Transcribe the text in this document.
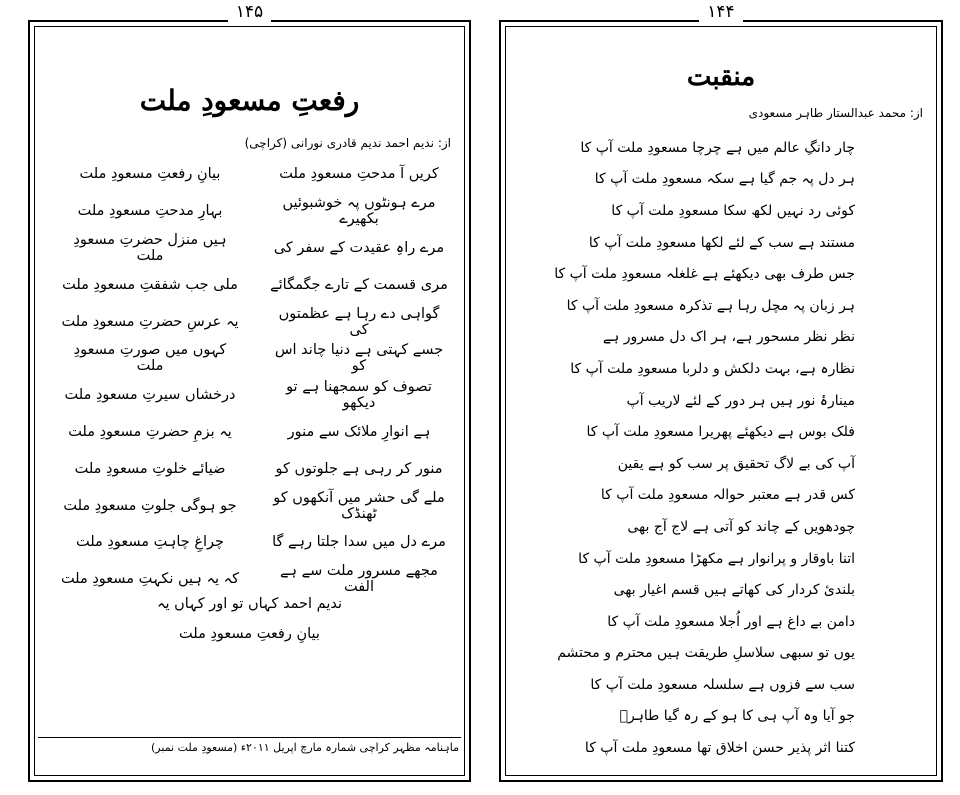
۱۴۵
رفعتِ مسعودِ ملت
از: ندیم احمد ندیم قادری نورانی (کراچی)
کریں آ مدحتِ مسعودِ ملت
بیانِ رفعتِ مسعودِ ملت
مرے ہونٹوں پہ خوشبوئیں بکھیرے
بہارِ مدحتِ مسعودِ ملت
مرے راہِ عقیدت کے سفر کی
ہیں منزل حضرتِ مسعودِ ملت
مری قسمت کے تارے جگمگائے
ملی جب شفقتِ مسعودِ ملت
گواہی دے رہا ہے عظمتوں کی
یہ عرسِ حضرتِ مسعودِ ملت
جسے کہتی ہے دنیا چاند اس کو
کہوں میں صورتِ مسعودِ ملت
تصوف کو سمجھنا ہے تو دیکھو
درخشاں سیرتِ مسعودِ ملت
ہے انوارِ ملائک سے منور
یہ بزمِ حضرتِ مسعودِ ملت
منور کر رہی ہے جلوتوں کو
ضیائے خلوتِ مسعودِ ملت
ملے گی حشر میں آنکھوں کو ٹھنڈک
جو ہوگی جلوتِ مسعودِ ملت
مرے دل میں سدا جلتا رہے گا
چراغِ چاہتِ مسعودِ ملت
مجھے مسرور ملت سے ہے الفت
کہ یہ ہیں نکہتِ مسعودِ ملت
ندیم احمد کہاں تو اور کہاں یہ
بیانِ رفعتِ مسعودِ ملت
ماہنامہ مظہر کراچی شمارہ مارچ اپریل ۲۰۱۱ء (مسعودِ ملت نمبر)
۱۴۴
منقبت
از: محمد عبدالستار طاہر مسعودی
چار دانگِ عالم میں ہے چرچا مسعودِ ملت آپ کا
ہر دل پہ جم گیا ہے سکہ مسعودِ ملت آپ کا
کوئی رد نہیں لکھ سکا مسعودِ ملت آپ کا
مستند ہے سب کے لئے لکھا مسعودِ ملت آپ کا
جس طرف بھی دیکھئے ہے غلغلہ مسعودِ ملت آپ کا
ہر زبان پہ مچل رہا ہے تذکرہ مسعودِ ملت آپ کا
نظر نظر مسحور ہے، ہر اک دل مسرور ہے
نظارہ ہے، بہت دلکش و دلربا مسعودِ ملت آپ کا
مینارۂ نور ہیں ہر دور کے لئے لاریب آپ
فلک بوس ہے دیکھئے پھریرا مسعودِ ملت آپ کا
آپ کی بے لاگ تحقیق پر سب کو ہے یقین
کس قدر ہے معتبر حوالہ مسعودِ ملت آپ کا
چودھویں کے چاند کو آتی ہے لاج آج بھی
اتنا باوقار و پرانوار ہے مکھڑا مسعودِ ملت آپ کا
بلندیٔ کردار کی کھاتے ہیں قسم اغیار بھی
دامن بے داغ ہے اور اُجلا مسعودِ ملت آپ کا
یوں تو سبھی سلاسلِ طریقت ہیں محترم و محتشم
سب سے فزوں ہے سلسلہ مسعودِ ملت آپ کا
جو آیا وہ آپ ہی کا ہو کے رہ گیا طاہرؔ
کتنا اثر پذیر حسن اخلاق تھا مسعودِ ملت آپ کا
